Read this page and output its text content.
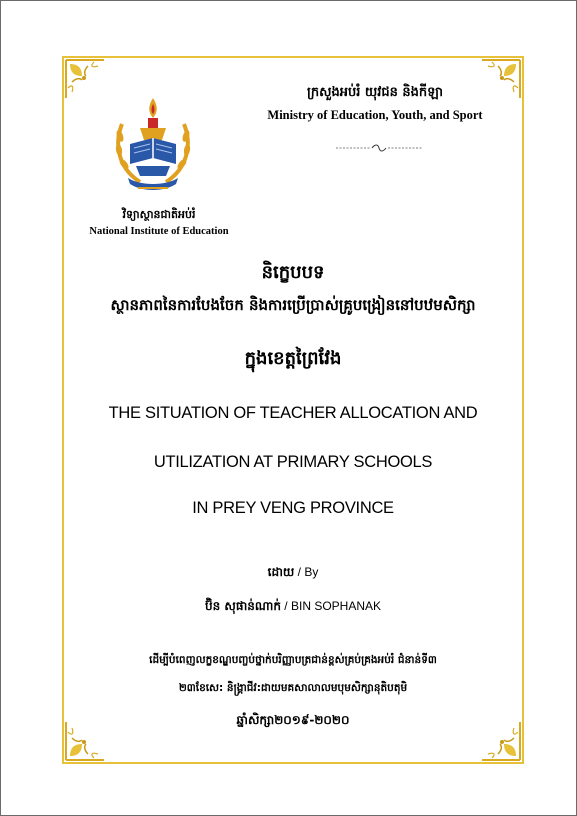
ក្រសួងអប់រំ យុវជន និងកីឡា
Ministry of Education, Youth, and Sport
វិទ្យាស្ថានជាតិអប់រំ
National Institute of Education
និក្ខេបបទ
ស្ថានភាពនៃការបែងចែក និងការប្រើប្រាស់គ្រូបង្រៀននៅបឋមសិក្សា
ក្នុងខេត្តព្រៃវែង
THE SITUATION OF TEACHER ALLOCATION AND
UTILIZATION AT PRIMARY SCHOOLS
IN PREY VENG PROVINCE
ដោយ / By
ប៊ិន សុផាន់ណាក់ / BIN SOPHANAK
ដើម្បីបំពេញលក្ខខណ្ឌបញ្ចប់ថ្នាក់បរិញ្ញាបត្រជាន់ខ្ពស់គ្រប់គ្រងអប់រំ ជំនាន់ទី៣
២៣ខែសេ: និង្គ្រាជីវ:ដាយមគសាលាលមបុមសិក្សានុតិបតុមិ
ឆ្នាំសិក្សា២០១៩-២០២០
